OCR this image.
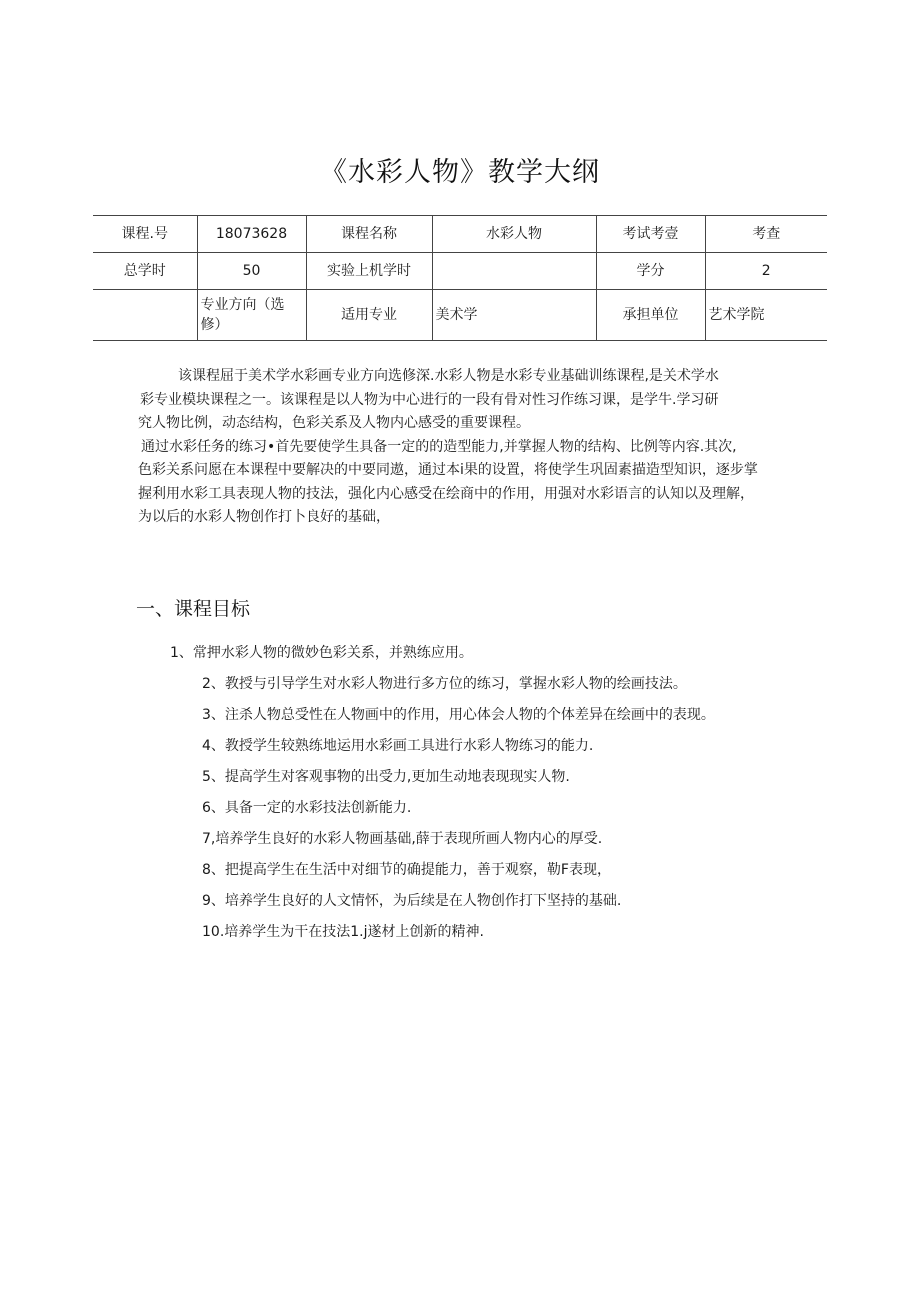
《水彩人物》教学大纲
课程.号	18073628	课程名称	水彩人物	考试考壹	考查
总学时	50	实验上机学时		学分	2
	专业方向（选修）	适用专业	美术学	承担单位	艺术学院
该课程屈于美术学水彩画专业方向选修深.水彩人物是水彩专业基础训练课程,是关术学水
彩专业模块课程之一。该课程是以人物为中心进行的一段有骨对性习作练习课，是学牛.学习研
究人物比例，动态结构，色彩关系及人物内心感受的重要课程。
通过水彩任务的练习•首先要使学生具备一定的的造型能力,并掌握人物的结构、比例等内容.其次,
色彩关系问愿在本课程中要解决的中要同遨，通过本i果的设置，将使学生巩固素描造型知识，逐步掌
握利用水彩工具表现人物的技法，强化内心感受在绘商中的作用，用强对水彩语言的认知以及理解，
为以后的水彩人物创作打卜良好的基础，
一、课程目标
1、常押水彩人物的微妙色彩关系，并熟练应用。
2、教授与引导学生对水彩人物进行多方位的练习，掌握水彩人物的绘画技法。
3、注杀人物总受性在人物画中的作用，用心体会人物的个体差异在绘画中的表现。
4、教授学生较熟练地运用水彩画工具进行水彩人物练习的能力.
5、提高学生对客观事物的出受力,更加生动地表现现实人物.
6、具备一定的水彩技法创新能力.
7,培养学生良好的水彩人物画基础,薛于表现所画人物内心的厚受.
8、把提高学生在生活中对细节的确提能力，善于观察，勒F表现，
9、培养学生良好的人文情怀，为后续是在人物创作打下坚持的基础.
10.培养学生为干在技法1.j遂材上创新的精神.
